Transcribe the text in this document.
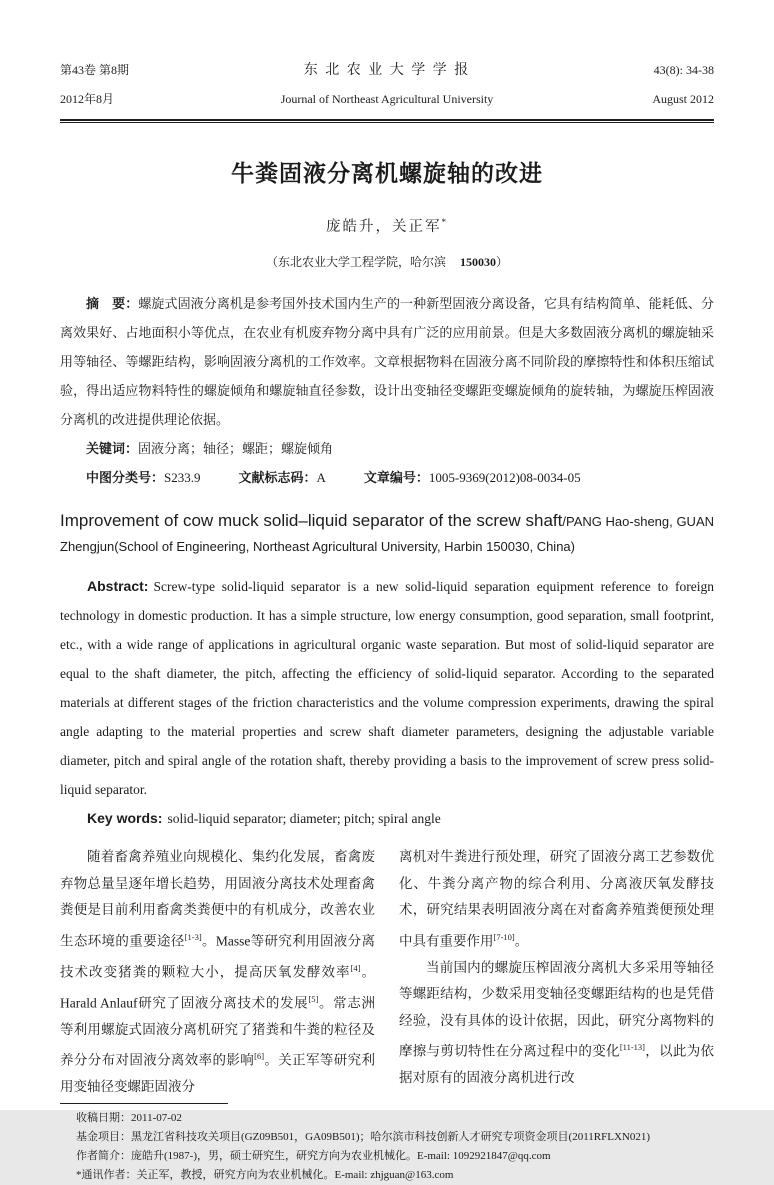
第43卷 第8期	东 北 农 业 大 学 学 报	43(8): 34-38
2012年8月	Journal of Northeast Agricultural University	August 2012
牛粪固液分离机螺旋轴的改进
庞皓升，关正军*
（东北农业大学工程学院，哈尔滨 150030）

摘　要：螺旋式固液分离机是参考国外技术国内生产的一种新型固液分离设备，它具有结构简单、能耗低、分离效果好、占地面积小等优点，在农业有机废弃物分离中具有广泛的应用前景。但是大多数固液分离机的螺旋轴采用等轴径、等螺距结构，影响固液分离机的工作效率。文章根据物料在固液分离不同阶段的摩擦特性和体积压缩试验，得出适应物料特性的螺旋倾角和螺旋轴直径参数，设计出变轴径变螺距变螺旋倾角的旋转轴，为螺旋压榨固液分离机的改进提供理论依据。

关键词：固液分离；轴径；螺距；螺旋倾角

中图分类号：S233.9	文献标志码：A	文章编号：1005-9369(2012)08-0034-05

Improvement of cow muck solid–liquid separator of the screw shaft/PANG Hao-sheng, GUAN Zhengjun(School of Engineering, Northeast Agricultural University, Harbin 150030, China)

Abstract: Screw-type solid-liquid separator is a new solid-liquid separation equipment reference to foreign technology in domestic production. It has a simple structure, low energy consumption, good separation, small footprint, etc., with a wide range of applications in agricultural organic waste separation. But most of solid-liquid separator are equal to the shaft diameter, the pitch, affecting the efficiency of solid-liquid separator. According to the separated materials at different stages of the friction characteristics and the volume compression experiments, drawing the spiral angle adapting to the material properties and screw shaft diameter parameters, designing the adjustable variable diameter, pitch and spiral angle of the rotation shaft, thereby providing a basis to the improvement of screw press solid-liquid separator.

Key words: solid-liquid separator; diameter; pitch; spiral angle

随着畜禽养殖业向规模化、集约化发展，畜禽废弃物总量呈逐年增长趋势，用固液分离技术处理畜禽粪便是目前利用畜禽类粪便中的有机成分，改善农业生态环境的重要途径[1-3]。Masse等研究利用固液分离技术改变猪粪的颗粒大小，提高厌氧发酵效率[4]。Harald Anlauf研究了固液分离技术的发展[5]。常志洲等利用螺旋式固液分离机研究了猪粪和牛粪的粒径及养分分布对固液分离效率的影响[6]。关正军等研究利用变轴径变螺距固液分

离机对牛粪进行预处理，研究了固液分离工艺参数优化、牛粪分离产物的综合利用、分离液厌氧发酵技术，研究结果表明固液分离在对畜禽养殖粪便预处理中具有重要作用[7-10]。

当前国内的螺旋压榨固液分离机大多采用等轴径等螺距结构，少数采用变轴径变螺距结构的也是凭借经验，没有具体的设计依据，因此，研究分离物料的摩擦与剪切特性在分离过程中的变化[11-13]，以此为依据对原有的固液分离机进行改

收稿日期：2011-07-02
基金项目：黑龙江省科技攻关项目(GZ09B501，GA09B501)；哈尔滨市科技创新人才研究专项资金项目(2011RFLXN021)
作者简介：庞皓升(1987-)，男，硕士研究生，研究方向为农业机械化。E-mail: 1092921847@qq.com
*通讯作者：关正军，教授，研究方向为农业机械化。E-mail: zhjguan@163.com
